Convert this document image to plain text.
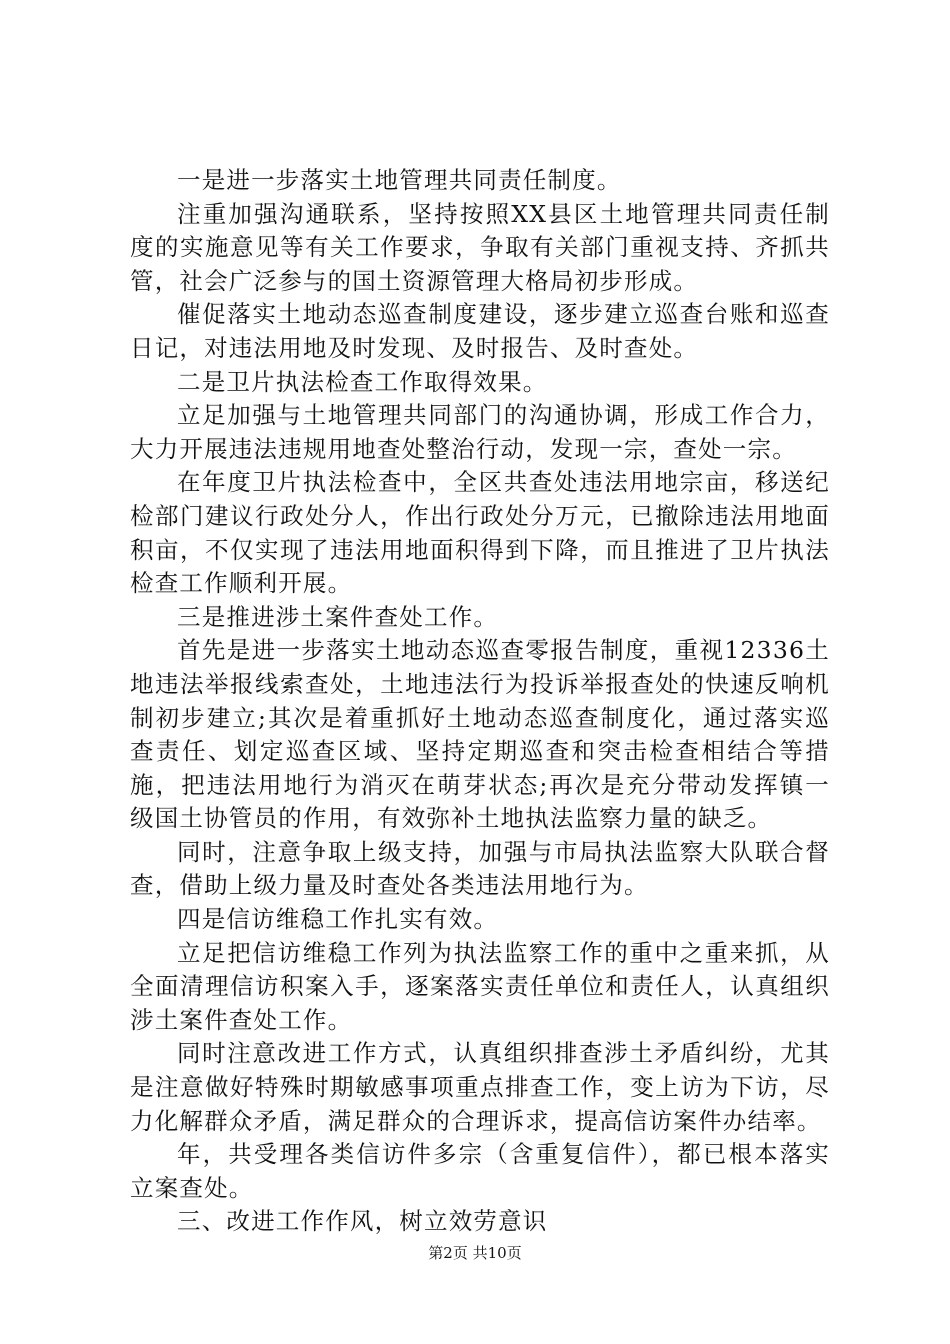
一是进一步落实土地管理共同责任制度。

注重加强沟通联系，坚持按照XX县区土地管理共同责任制度的实施意见等有关工作要求，争取有关部门重视支持、齐抓共管，社会广泛参与的国土资源管理大格局初步形成。

催促落实土地动态巡查制度建设，逐步建立巡查台账和巡查日记，对违法用地及时发现、及时报告、及时查处。

二是卫片执法检查工作取得效果。

立足加强与土地管理共同部门的沟通协调，形成工作合力，大力开展违法违规用地查处整治行动，发现一宗，查处一宗。

在年度卫片执法检查中，全区共查处违法用地宗亩，移送纪检部门建议行政处分人，作出行政处分万元，已撤除违法用地面积亩，不仅实现了违法用地面积得到下降，而且推进了卫片执法检查工作顺利开展。

三是推进涉土案件查处工作。

首先是进一步落实土地动态巡查零报告制度，重视12336土地违法举报线索查处，土地违法行为投诉举报查处的快速反响机制初步建立;其次是着重抓好土地动态巡查制度化，通过落实巡查责任、划定巡查区域、坚持定期巡查和突击检查相结合等措施，把违法用地行为消灭在萌芽状态;再次是充分带动发挥镇一级国土协管员的作用，有效弥补土地执法监察力量的缺乏。

同时，注意争取上级支持，加强与市局执法监察大队联合督查，借助上级力量及时查处各类违法用地行为。

四是信访维稳工作扎实有效。

立足把信访维稳工作列为执法监察工作的重中之重来抓，从全面清理信访积案入手，逐案落实责任单位和责任人，认真组织涉土案件查处工作。

同时注意改进工作方式，认真组织排查涉土矛盾纠纷，尤其是注意做好特殊时期敏感事项重点排查工作，变上访为下访，尽力化解群众矛盾，满足群众的合理诉求，提高信访案件办结率。

年，共受理各类信访件多宗（含重复信件），都已根本落实立案查处。

三、改进工作作风，树立效劳意识

第2页 共10页
